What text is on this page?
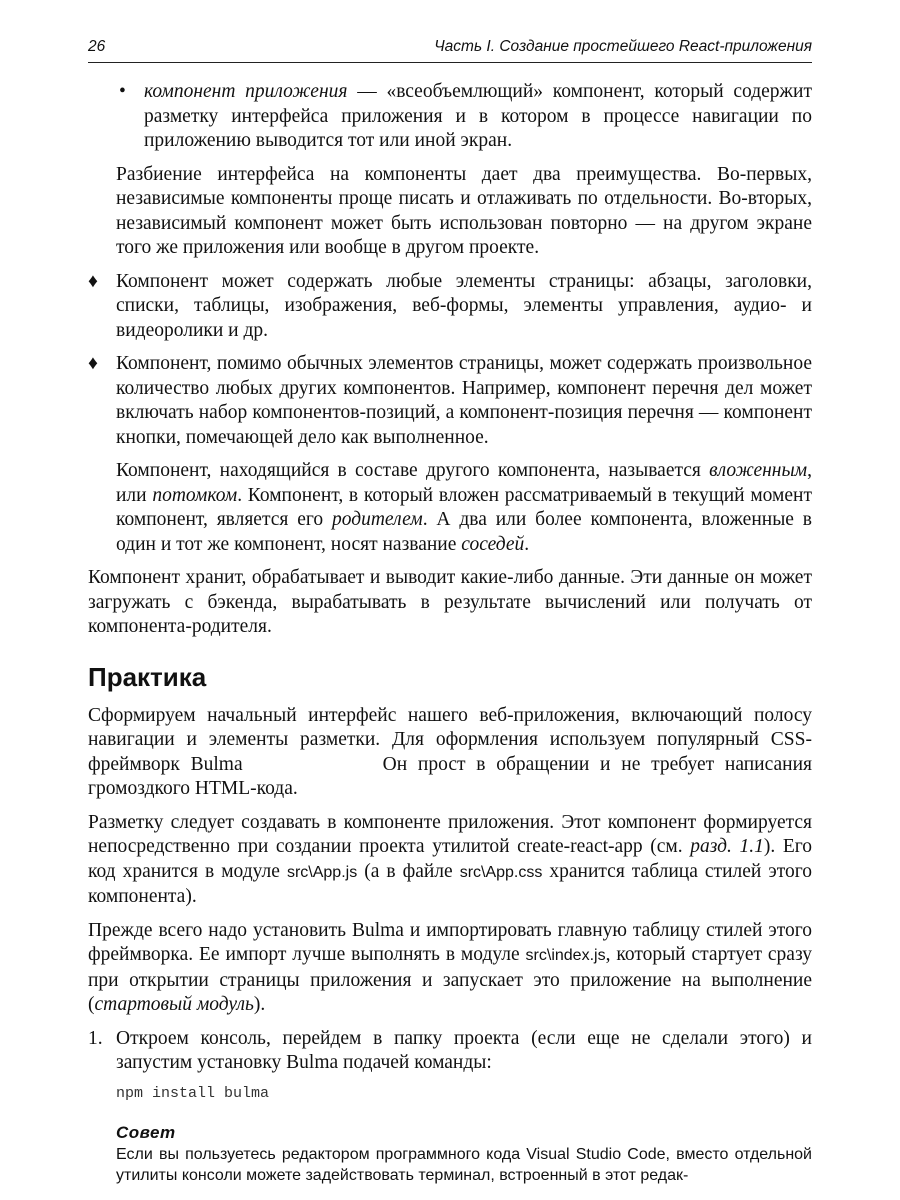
26	Часть I. Создание простейшего React-приложения
• компонент приложения — «всеобъемлющий» компонент, который содержит разметку интерфейса приложения и в котором в процессе навигации по приложению выводится тот или иной экран.

Разбиение интерфейса на компоненты дает два преимущества. Во-первых, независимые компоненты проще писать и отлаживать по отдельности. Во-вторых, независимый компонент может быть использован повторно — на другом экране того же приложения или вообще в другом проекте.

♦ Компонент может содержать любые элементы страницы: абзацы, заголовки, списки, таблицы, изображения, веб-формы, элементы управления, аудио- и видеоролики и др.

♦ Компонент, помимо обычных элементов страницы, может содержать произвольное количество любых других компонентов. Например, компонент перечня дел может включать набор компонентов-позиций, а компонент-позиция перечня — компонент кнопки, помечающей дело как выполненное.

Компонент, находящийся в составе другого компонента, называется вложенным, или потомком. Компонент, в который вложен рассматриваемый в текущий момент компонент, является его родителем. А два или более компонента, вложенные в один и тот же компонент, носят название соседей.

Компонент хранит, обрабатывает и выводит какие-либо данные. Эти данные он может загружать с бэкенда, вырабатывать в результате вычислений или получать от компонента-родителя.

Практика

Сформируем начальный интерфейс нашего веб-приложения, включающий полосу навигации и элементы разметки. Для оформления используем популярный CSS-фреймворк Bulma	Он прост в обращении и не требует написания громоздкого HTML-кода.

Разметку следует создавать в компоненте приложения. Этот компонент формируется непосредственно при создании проекта утилитой create-react-app (см. разд. 1.1). Его код хранится в модуле src\App.js (а в файле src\App.css хранится таблица стилей этого компонента).

Прежде всего надо установить Bulma и импортировать главную таблицу стилей этого фреймворка. Ее импорт лучше выполнять в модуле src\index.js, который стартует сразу при открытии страницы приложения и запускает это приложение на выполнение (стартовый модуль).

1. Откроем консоль, перейдем в папку проекта (если еще не сделали этого) и запустим установку Bulma подачей команды:

npm install bulma
Совет
Если вы пользуетесь редактором программного кода Visual Studio Code, вместо отдельной утилиты консоли можете задействовать терминал, встроенный в этот редак-
